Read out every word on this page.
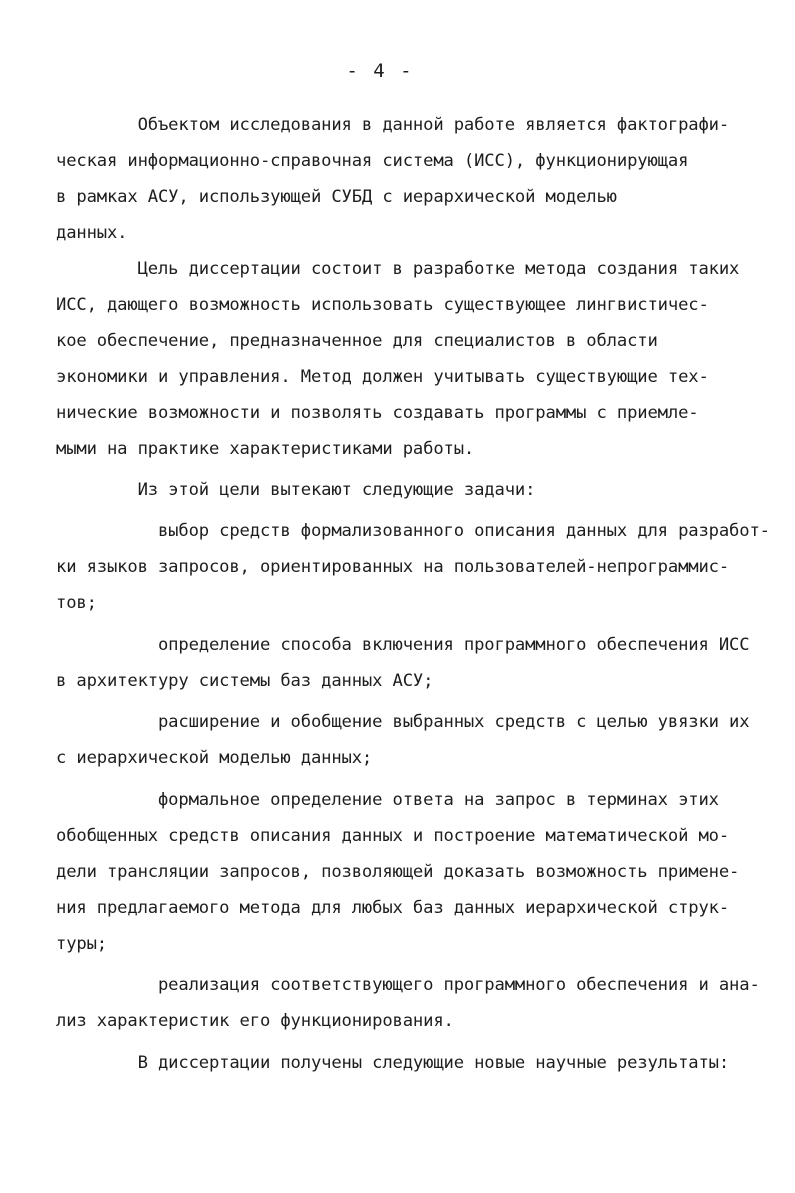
- 4 -
Объектом исследования в данной работе является фактографи-
ческая информационно-справочная система (ИСС), функционирующая
в рамках АСУ, использующей СУБД с иерархической моделью
данных.
Цель диссертации состоит в разработке метода создания таких
ИСС, дающего возможность использовать существующее лингвистичес-
кое обеспечение, предназначенное для специалистов в области
экономики и управления. Метод должен учитывать существующие тех-
нические возможности и позволять создавать программы с приемле-
мыми на практике характеристиками работы.
Из этой цели вытекают следующие задачи:
выбор средств формализованного описания данных для разработ-
ки языков запросов, ориентированных на пользователей-непрограммис-
тов;
определение способа включения программного обеспечения ИСС
в архитектуру системы баз данных АСУ;
расширение и обобщение выбранных средств с целью увязки их
с иерархической моделью данных;
формальное определение ответа на запрос в терминах этих
обобщенных средств описания данных и построение математической мо-
дели трансляции запросов, позволяющей доказать возможность примене-
ния предлагаемого метода для любых баз данных иерархической струк-
туры;
реализация соответствующего программного обеспечения и ана-
лиз характеристик его функционирования.
В диссертации получены следующие новые научные результаты:
